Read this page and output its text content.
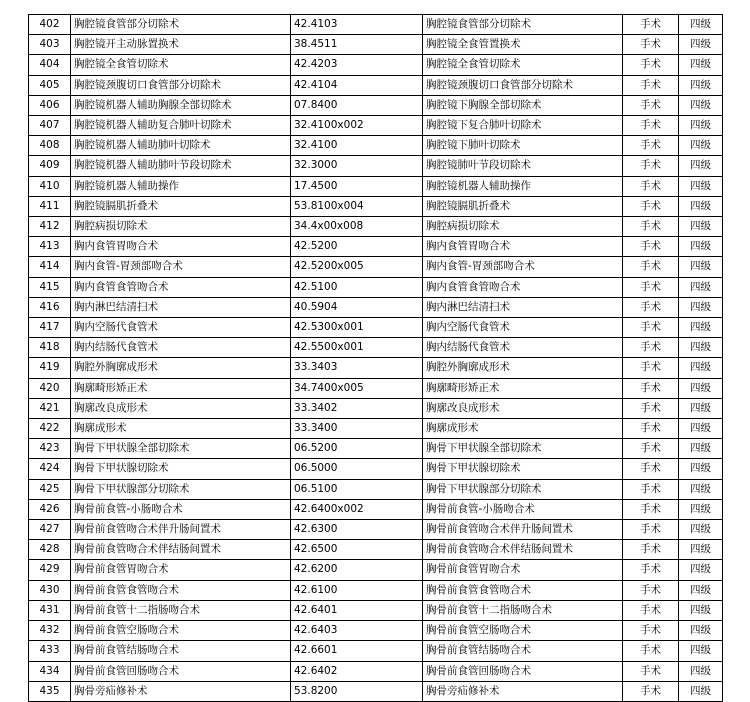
402	胸腔镜食管部分切除术	42.4103	胸腔镜食管部分切除术	手术	四级
403	胸腔镜开主动脉置换术	38.4511	胸腔镜全食管置换术	手术	四级
404	胸腔镜全食管切除术	42.4203	胸腔镜全食管切除术	手术	四级
405	胸腔镜颈腹切口食管部分切除术	42.4104	胸腔镜颈腹切口食管部分切除术	手术	四级
406	胸腔镜机器人辅助胸腺全部切除术	07.8400	胸腔镜下胸腺全部切除术	手术	四级
407	胸腔镜机器人辅助复合肺叶切除术	32.4100x002	胸腔镜下复合肺叶切除术	手术	四级
408	胸腔镜机器人辅助肺叶切除术	32.4100	胸腔镜下肺叶切除术	手术	四级
409	胸腔镜机器人辅助肺叶节段切除术	32.3000	胸腔镜肺叶节段切除术	手术	四级
410	胸腔镜机器人辅助操作	17.4500	胸腔镜机器人辅助操作	手术	四级
411	胸腔镜膈肌折叠术	53.8100x004	胸腔镜膈肌折叠术	手术	四级
412	胸腔病损切除术	34.4x00x008	胸腔病损切除术	手术	四级
413	胸内食管胃吻合术	42.5200	胸内食管胃吻合术	手术	四级
414	胸内食管-胃颈部吻合术	42.5200x005	胸内食管-胃颈部吻合术	手术	四级
415	胸内食管食管吻合术	42.5100	胸内食管食管吻合术	手术	四级
416	胸内淋巴结清扫术	40.5904	胸内淋巴结清扫术	手术	四级
417	胸内空肠代食管术	42.5300x001	胸内空肠代食管术	手术	四级
418	胸内结肠代食管术	42.5500x001	胸内结肠代食管术	手术	四级
419	胸腔外胸廓成形术	33.3403	胸腔外胸廓成形术	手术	四级
420	胸廓畸形矫正术	34.7400x005	胸廓畸形矫正术	手术	四级
421	胸廓改良成形术	33.3402	胸廓改良成形术	手术	四级
422	胸廓成形术	33.3400	胸廓成形术	手术	四级
423	胸骨下甲状腺全部切除术	06.5200	胸骨下甲状腺全部切除术	手术	四级
424	胸骨下甲状腺切除术	06.5000	胸骨下甲状腺切除术	手术	四级
425	胸骨下甲状腺部分切除术	06.5100	胸骨下甲状腺部分切除术	手术	四级
426	胸骨前食管-小肠吻合术	42.6400x002	胸骨前食管-小肠吻合术	手术	四级
427	胸骨前食管吻合术伴升肠间置术	42.6300	胸骨前食管吻合术伴升肠间置术	手术	四级
428	胸骨前食管吻合术伴结肠间置术	42.6500	胸骨前食管吻合术伴结肠间置术	手术	四级
429	胸骨前食管胃吻合术	42.6200	胸骨前食管胃吻合术	手术	四级
430	胸骨前食管食管吻合术	42.6100	胸骨前食管食管吻合术	手术	四级
431	胸骨前食管十二指肠吻合术	42.6401	胸骨前食管十二指肠吻合术	手术	四级
432	胸骨前食管空肠吻合术	42.6403	胸骨前食管空肠吻合术	手术	四级
433	胸骨前食管结肠吻合术	42.6601	胸骨前食管结肠吻合术	手术	四级
434	胸骨前食管回肠吻合术	42.6402	胸骨前食管回肠吻合术	手术	四级
435	胸骨旁疝修补术	53.8200	胸骨旁疝修补术	手术	四级
